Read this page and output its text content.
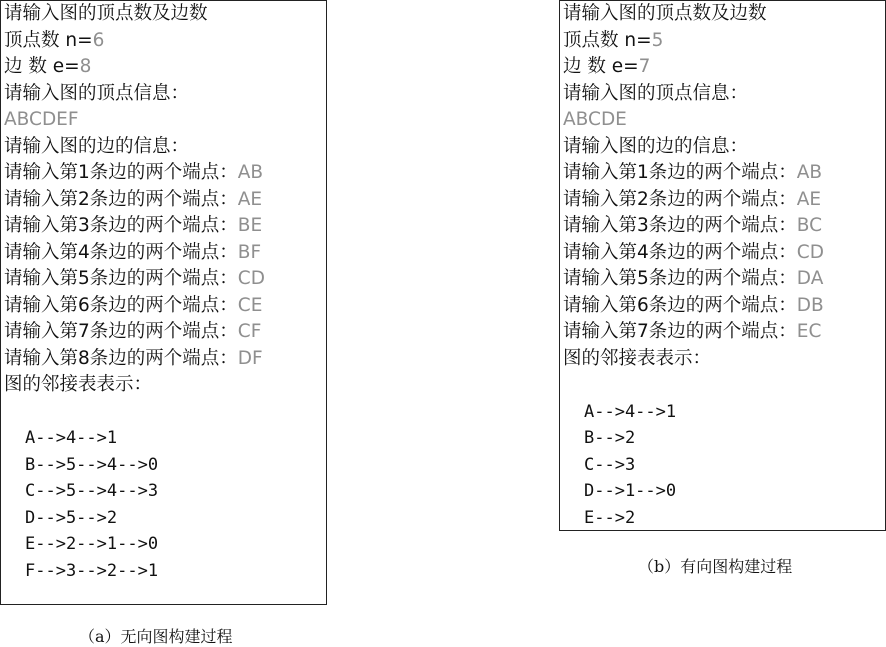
请输入图的顶点数及边数
顶点数 n=6
边 数 e=8
请输入图的顶点信息：
ABCDEF
请输入图的边的信息：
请输入第1条边的两个端点：AB
请输入第2条边的两个端点：AE
请输入第3条边的两个端点：BE
请输入第4条边的两个端点：BF
请输入第5条边的两个端点：CD
请输入第6条边的两个端点：CE
请输入第7条边的两个端点：CF
请输入第8条边的两个端点：DF
图的邻接表表示：
A-->4-->1
B-->5-->4-->0
C-->5-->4-->3
D-->5-->2
E-->2-->1-->0
F-->3-->2-->1
请输入图的顶点数及边数
顶点数 n=5
边 数 e=7
请输入图的顶点信息：
ABCDE
请输入图的边的信息：
请输入第1条边的两个端点：AB
请输入第2条边的两个端点：AE
请输入第3条边的两个端点：BC
请输入第4条边的两个端点：CD
请输入第5条边的两个端点：DA
请输入第6条边的两个端点：DB
请输入第7条边的两个端点：EC
图的邻接表表示：
A-->4-->1
B-->2
C-->3
D-->1-->0
E-->2
（a）无向图构建过程
（b）有向图构建过程
